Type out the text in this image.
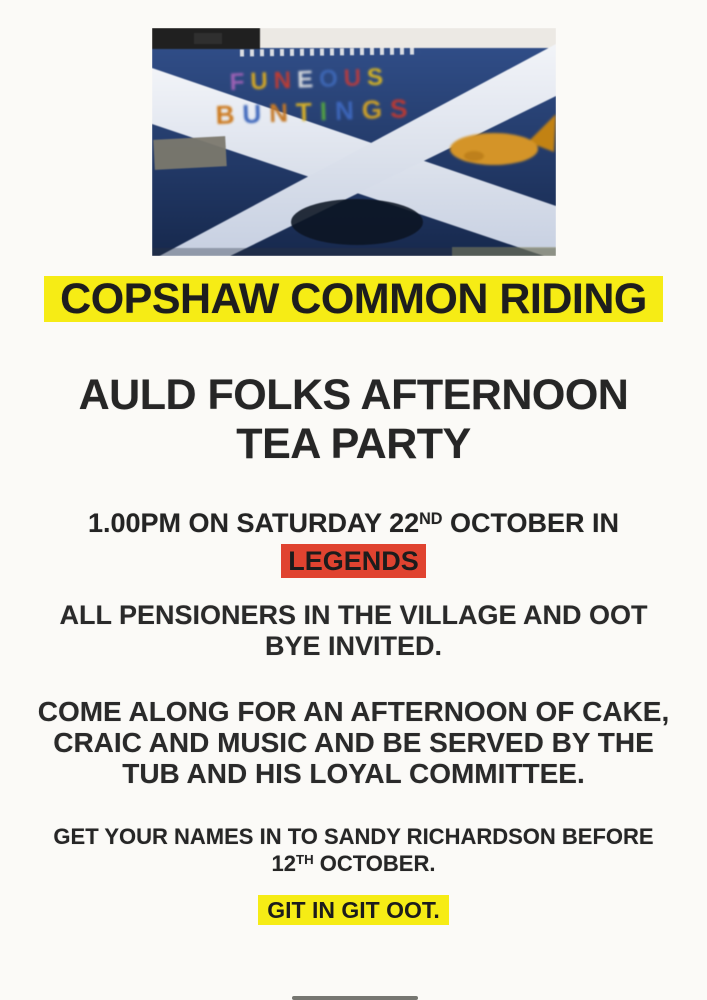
FUNEOUS
BUNTINGS
COPSHAW COMMON RIDING
AULD FOLKS AFTERNOON
TEA PARTY
1.00PM ON SATURDAY 22ND OCTOBER IN
LEGENDS
ALL PENSIONERS IN THE VILLAGE AND OOT
BYE INVITED.
COME ALONG FOR AN AFTERNOON OF CAKE,
CRAIC AND MUSIC AND BE SERVED BY THE
TUB AND HIS LOYAL COMMITTEE.
GET YOUR NAMES IN TO SANDY RICHARDSON BEFORE
12TH OCTOBER.
GIT IN GIT OOT.
